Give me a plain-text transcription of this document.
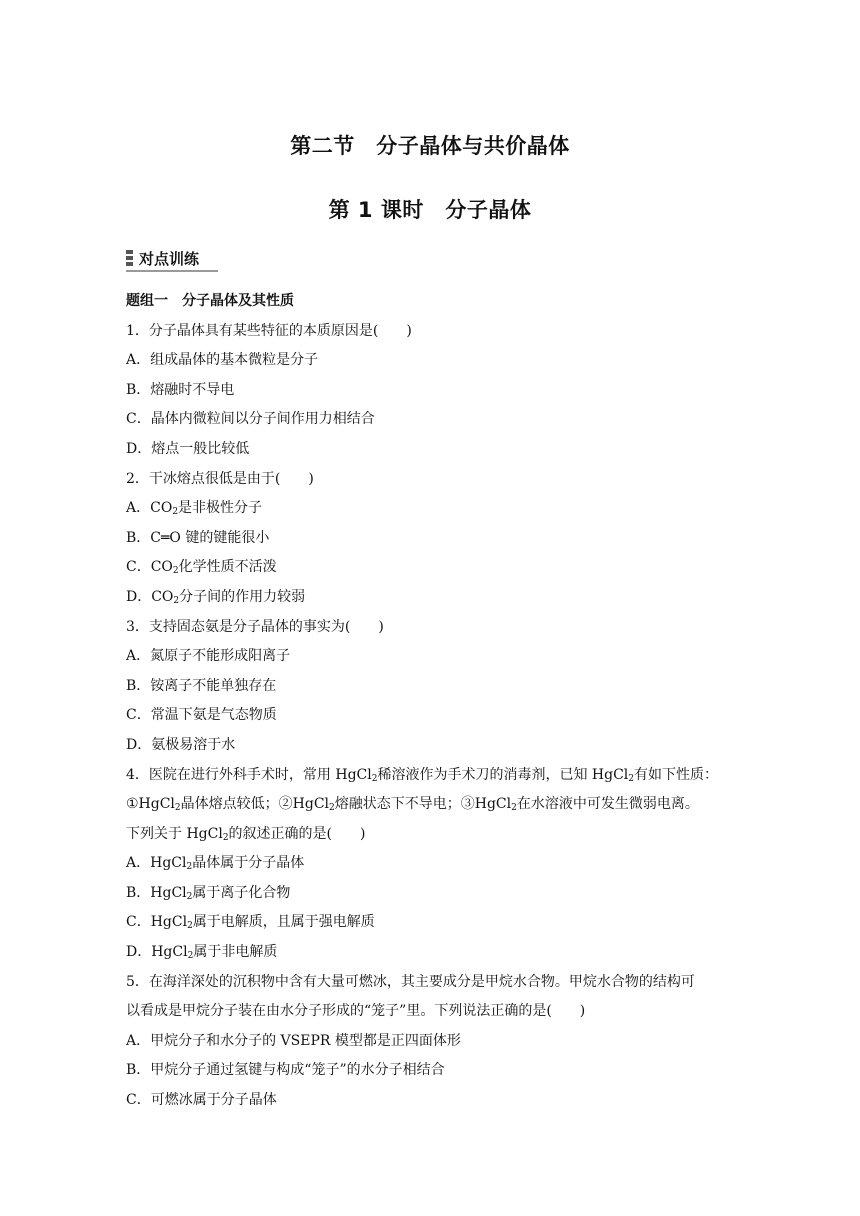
第二节　分子晶体与共价晶体
第 1 课时　分子晶体
对点训练
题组一　分子晶体及其性质
1．分子晶体具有某些特征的本质原因是(　　)
A．组成晶体的基本微粒是分子
B．熔融时不导电
C．晶体内微粒间以分子间作用力相结合
D．熔点一般比较低
2．干冰熔点很低是由于(　　)
A．$CO_2$是非极性分子
B．C═O 键的键能很小
C．$CO_2$化学性质不活泼
D．$CO_2$分子间的作用力较弱
3．支持固态氨是分子晶体的事实为(　　)
A．氮原子不能形成阳离子
B．铵离子不能单独存在
C．常温下氨是气态物质
D．氨极易溶于水
4．医院在进行外科手术时，常用 HgCl$_2$稀溶液作为手术刀的消毒剂，已知 HgCl$_2$有如下性质：
①HgCl$_2$晶体熔点较低；②HgCl$_2$熔融状态下不导电；③HgCl$_2$在水溶液中可发生微弱电离。
下列关于 HgCl$_2$的叙述正确的是(　　)
A．HgCl$_2$晶体属于分子晶体
B．HgCl$_2$属于离子化合物
C．HgCl$_2$属于电解质，且属于强电解质
D．HgCl$_2$属于非电解质
5．在海洋深处的沉积物中含有大量可燃冰，其主要成分是甲烷水合物。甲烷水合物的结构可
以看成是甲烷分子装在由水分子形成的“笼子”里。下列说法正确的是(　　)
A．甲烷分子和水分子的 VSEPR 模型都是正四面体形
B．甲烷分子通过氢键与构成“笼子”的水分子相结合
C．可燃冰属于分子晶体
